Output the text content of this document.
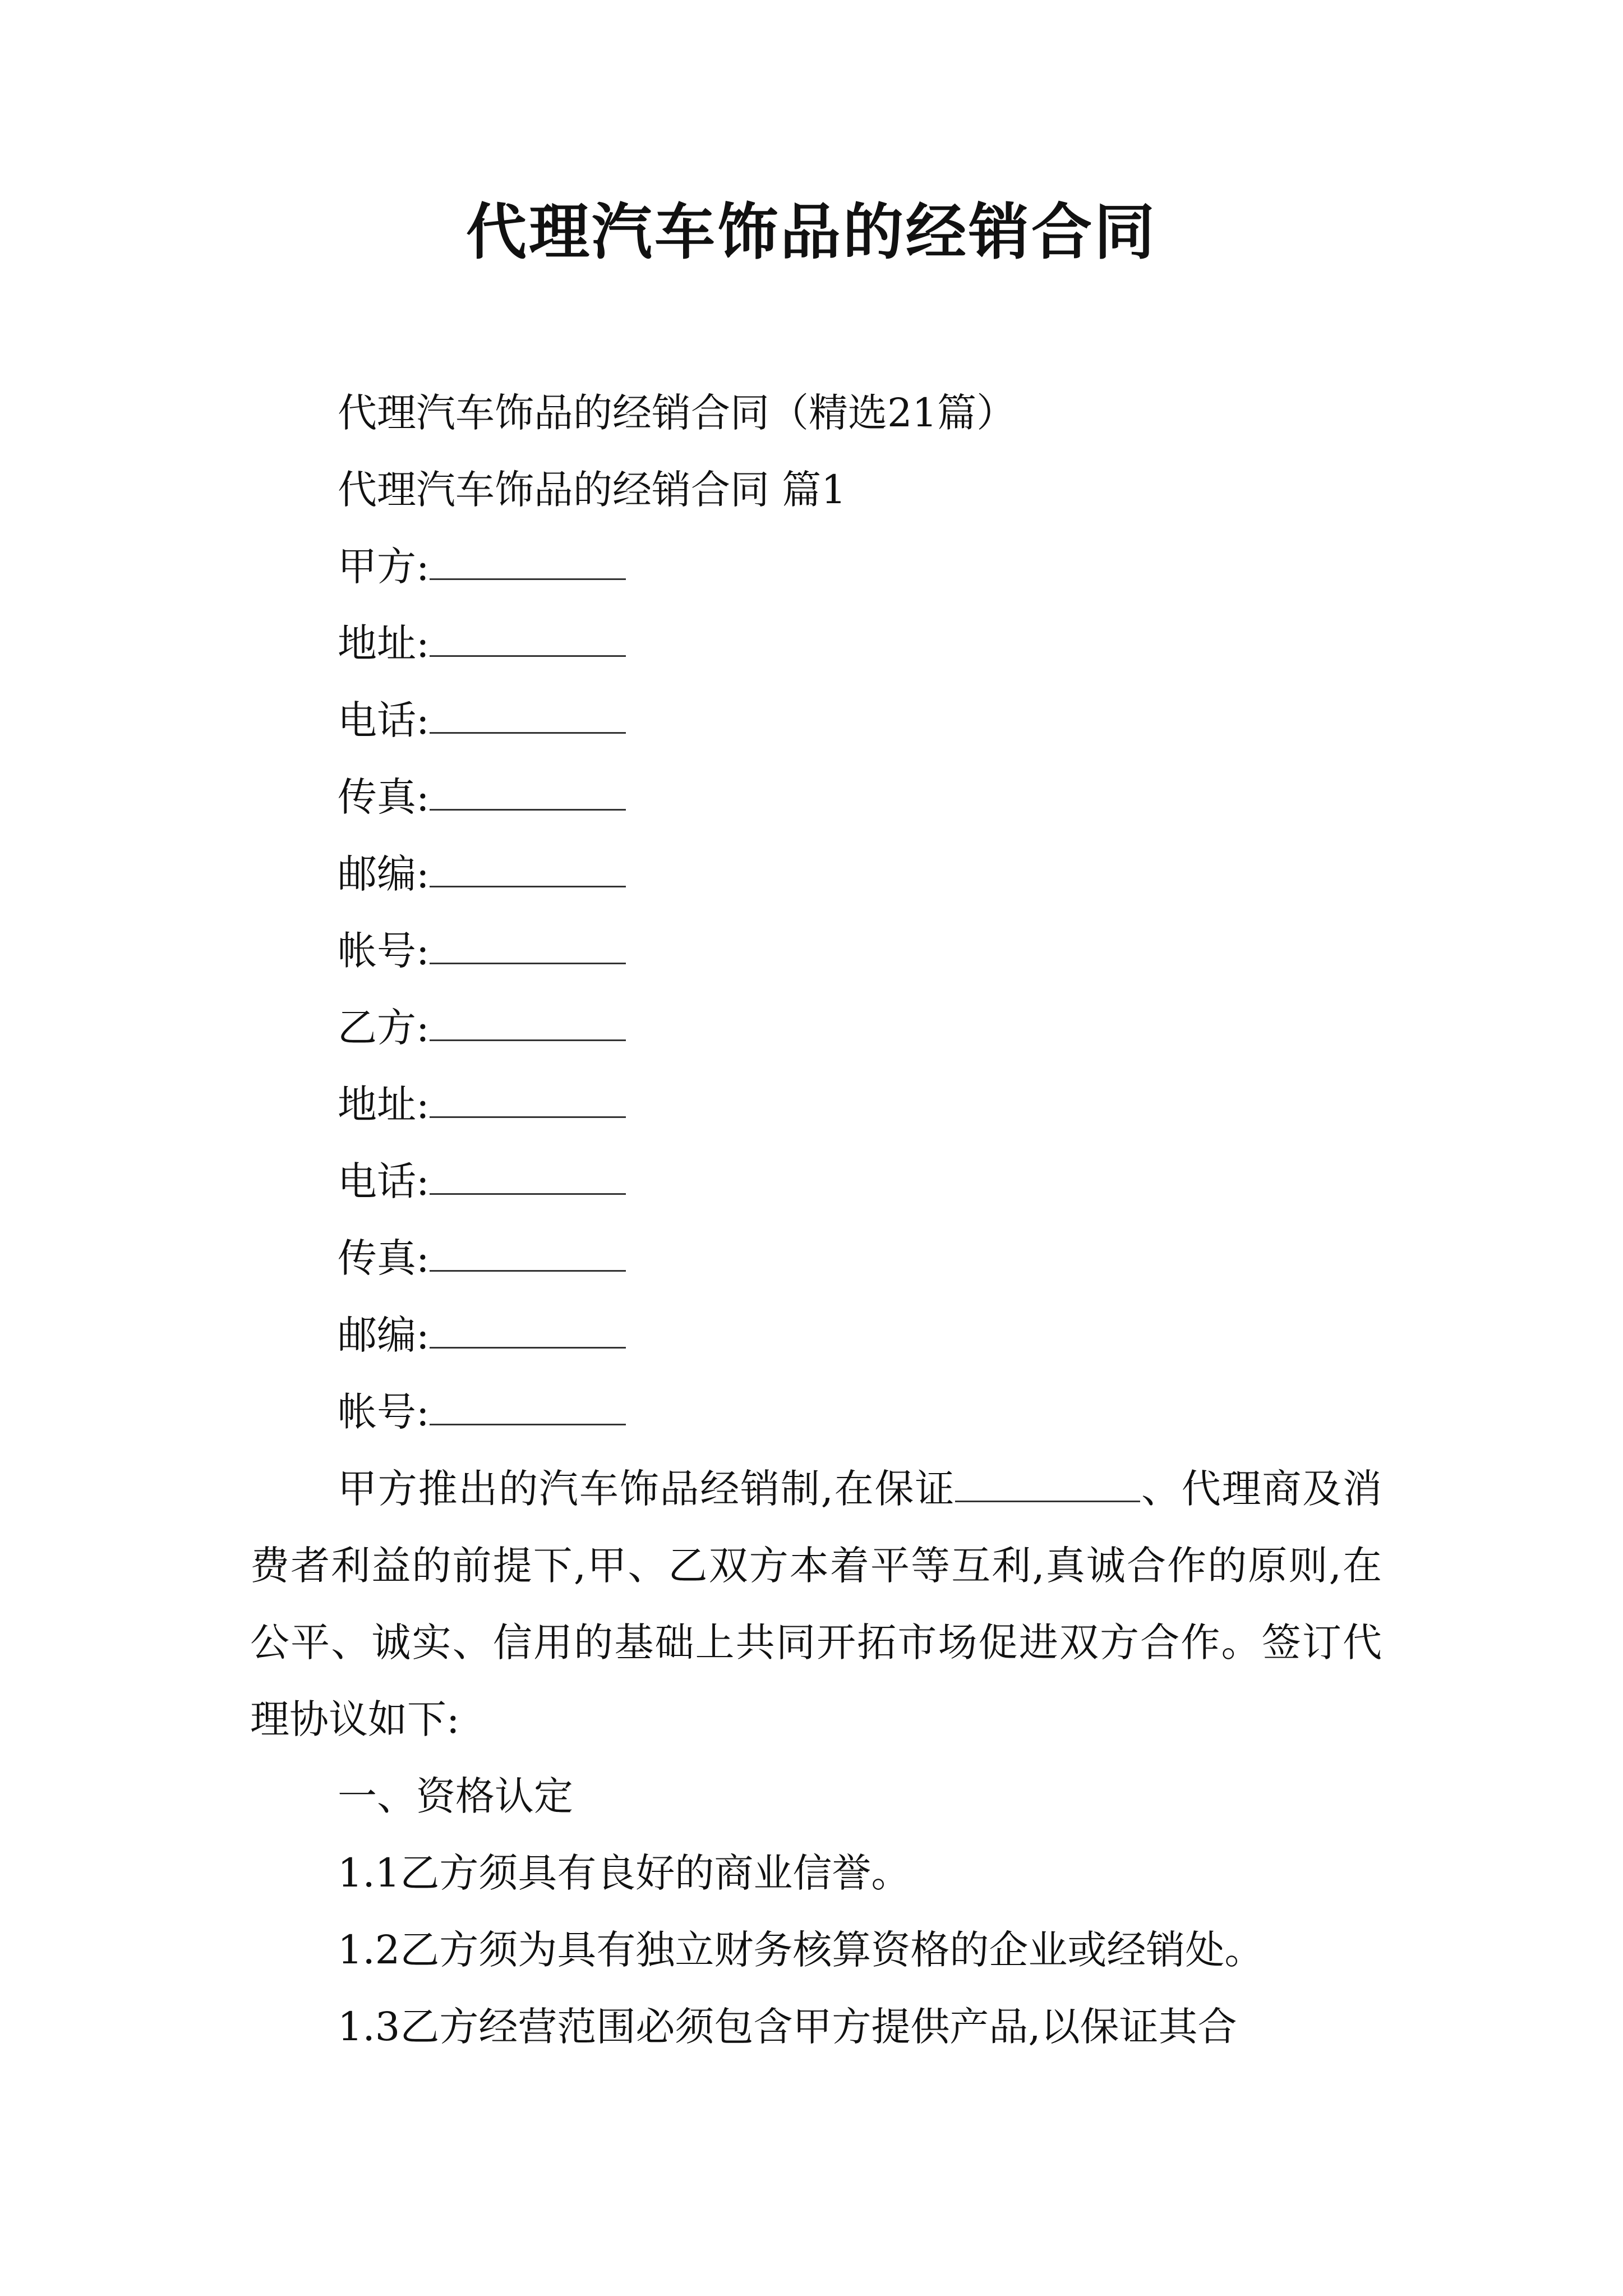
代理汽车饰品的经销合同
代理汽车饰品的经销合同（精选21篇）
代理汽车饰品的经销合同 篇1
甲方:
地址:
电话:
传真:
邮编:
帐号:
乙方:
地址:
电话:
传真:
邮编:
帐号:
甲方推出的汽车饰品经销制,在保证	、代理商及消费者利益的前提下,甲、乙双方本着平等互利,真诚合作的原则,在公平、诚实、信用的基础上共同开拓市场促进双方合作。签订代理协议如下:
一、资格认定
1.1乙方须具有良好的商业信誉。
1.2乙方须为具有独立财务核算资格的企业或经销处。
1.3乙方经营范围必须包含甲方提供产品,以保证其合
